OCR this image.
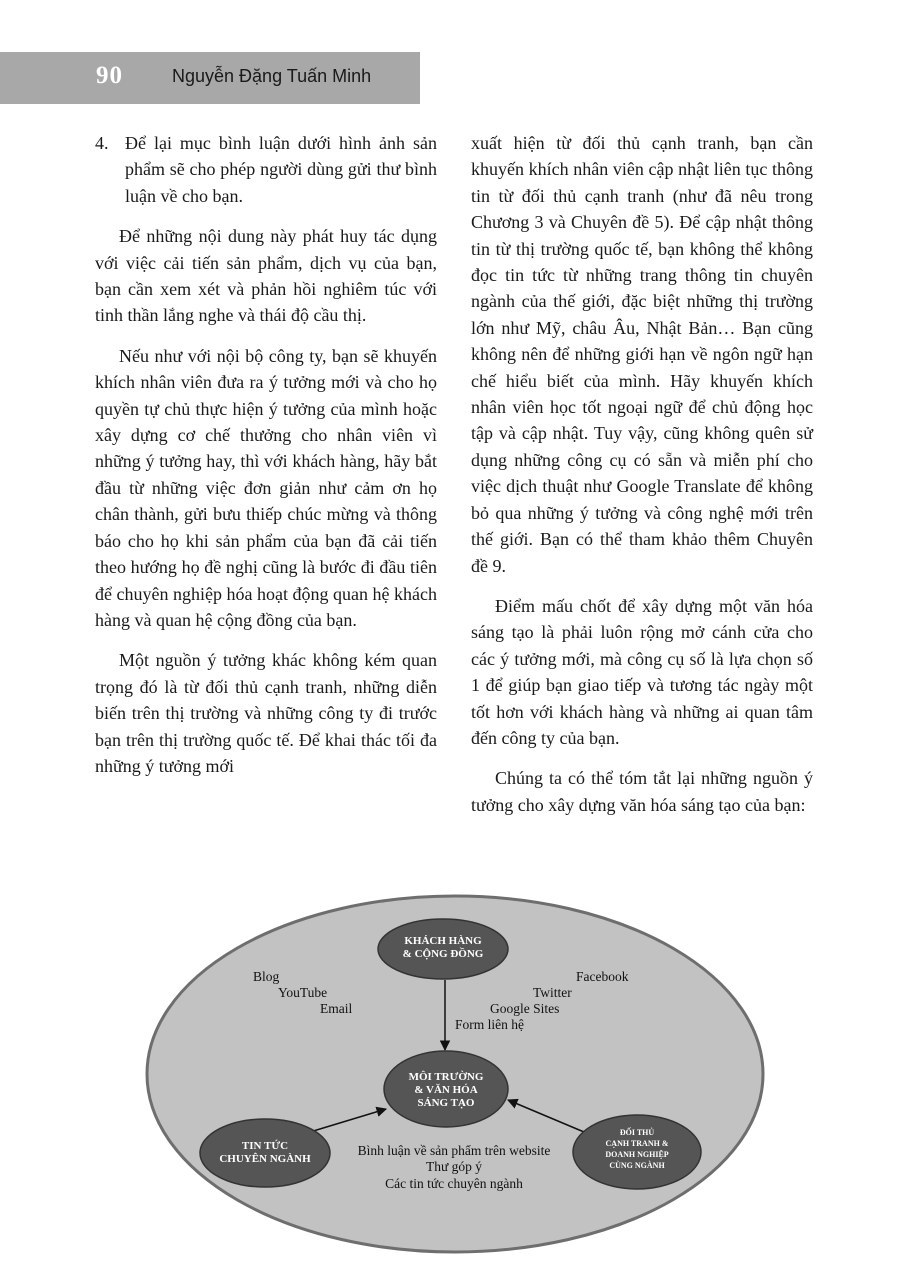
90	Nguyễn Đặng Tuấn Minh
4. Để lại mục bình luận dưới hình ảnh sản phẩm sẽ cho phép người dùng gửi thư bình luận về cho bạn.

Để những nội dung này phát huy tác dụng với việc cải tiến sản phẩm, dịch vụ của bạn, bạn cần xem xét và phản hồi nghiêm túc với tinh thần lắng nghe và thái độ cầu thị.

Nếu như với nội bộ công ty, bạn sẽ khuyến khích nhân viên đưa ra ý tưởng mới và cho họ quyền tự chủ thực hiện ý tưởng của mình hoặc xây dựng cơ chế thưởng cho nhân viên vì những ý tưởng hay, thì với khách hàng, hãy bắt đầu từ những việc đơn giản như cảm ơn họ chân thành, gửi bưu thiếp chúc mừng và thông báo cho họ khi sản phẩm của bạn đã cải tiến theo hướng họ đề nghị cũng là bước đi đầu tiên để chuyên nghiệp hóa hoạt động quan hệ khách hàng và quan hệ cộng đồng của bạn.

Một nguồn ý tưởng khác không kém quan trọng đó là từ đối thủ cạnh tranh, những diễn biến trên thị trường và những công ty đi trước bạn trên thị trường quốc tế. Để khai thác tối đa những ý tưởng mới

xuất hiện từ đối thủ cạnh tranh, bạn cần khuyến khích nhân viên cập nhật liên tục thông tin từ đối thủ cạnh tranh (như đã nêu trong Chương 3 và Chuyên đề 5). Để cập nhật thông tin từ thị trường quốc tế, bạn không thể không đọc tin tức từ những trang thông tin chuyên ngành của thế giới, đặc biệt những thị trường lớn như Mỹ, châu Âu, Nhật Bản… Bạn cũng không nên để những giới hạn về ngôn ngữ hạn chế hiểu biết của mình. Hãy khuyến khích nhân viên học tốt ngoại ngữ để chủ động học tập và cập nhật. Tuy vậy, cũng không quên sử dụng những công cụ có sẵn và miễn phí cho việc dịch thuật như Google Translate để không bỏ qua những ý tưởng và công nghệ mới trên thế giới. Bạn có thể tham khảo thêm Chuyên đề 9.

Điểm mấu chốt để xây dựng một văn hóa sáng tạo là phải luôn rộng mở cánh cửa cho các ý tưởng mới, mà công cụ số là lựa chọn số 1 để giúp bạn giao tiếp và tương tác ngày một tốt hơn với khách hàng và những ai quan tâm đến công ty của bạn.

Chúng ta có thể tóm tắt lại những nguồn ý tưởng cho xây dựng văn hóa sáng tạo của bạn:

KHÁCH HÀNG
& CỘNG ĐỒNG
MÔI TRƯỜNG
& VĂN HÓA
SÁNG TẠO
TIN TỨC
CHUYÊN NGÀNH
ĐỐI THỦ
CẠNH TRANH &
DOANH NGHIỆP
CÙNG NGÀNH
Blog
YouTube
Email
Facebook
Twitter
Google Sites
Form liên hệ
Bình luận về sản phẩm trên website
Thư góp ý
Các tin tức chuyên ngành
